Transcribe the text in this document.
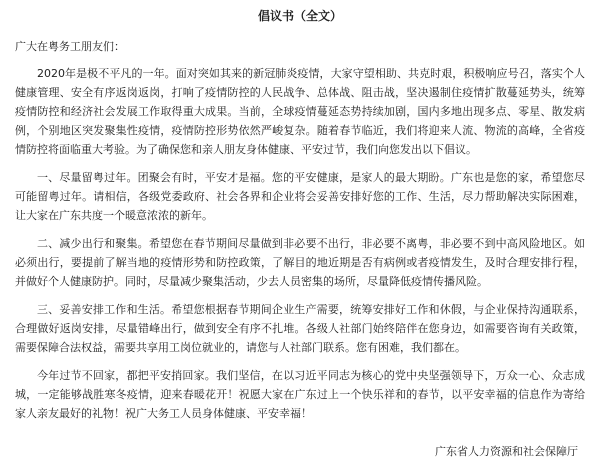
倡议书（全文）
广大在粤务工朋友们：

2020年是极不平凡的一年。面对突如其来的新冠肺炎疫情，大家守望相助、共克时艰，积极响应号召，落实个人健康管理、安全有序返岗返岗，打响了疫情防控的人民战争、总体战、阻击战，坚决遏制住疫情扩散蔓延势头，统筹疫情防控和经济社会发展工作取得重大成果。当前，全球疫情蔓延态势持续加剧，国内多地出现多点、零星、散发病例，个别地区突发聚集性疫情，疫情防控形势依然严峻复杂。随着春节临近，我们将迎来人流、物流的高峰，全省疫情防控将面临重大考验。为了确保您和亲人朋友身体健康、平安过节，我们向您发出以下倡议。

一、尽量留粤过年。团聚会有时，平安才是福。您的平安健康，是家人的最大期盼。广东也是您的家，希望您尽可能留粤过年。请相信，各级党委政府、社会各界和企业将会妥善安排好您的工作、生活，尽力帮助解决实际困难，让大家在广东共度一个暖意浓浓的新年。

二、减少出行和聚集。希望您在春节期间尽量做到非必要不出行，非必要不离粤，非必要不到中高风险地区。如必须出行，要提前了解当地的疫情形势和防控政策，了解目的地近期是否有病例或者疫情发生，及时合理安排行程，并做好个人健康防护。同时，尽量减少聚集活动，少去人员密集的场所，尽量降低疫情传播风险。

三、妥善安排工作和生活。希望您根据春节期间企业生产需要，统筹安排好工作和休假，与企业保持沟通联系，合理做好返岗安排，尽量错峰出行，做到安全有序不扎堆。各级人社部门始终陪伴在您身边，如需要咨询有关政策，需要保障合法权益，需要共享用工岗位就业的，请您与人社部门联系。您有困难，我们都在。

今年过节不回家，都把平安捎回家。我们坚信，在以习近平同志为核心的党中央坚强领导下，万众一心、众志成城，一定能够战胜寒冬疫情，迎来春暖花开！祝愿大家在广东过上一个快乐祥和的春节，以平安幸福的信息作为寄给家人亲友最好的礼物！祝广大务工人员身体健康、平安幸福！

广东省人力资源和社会保障厅
